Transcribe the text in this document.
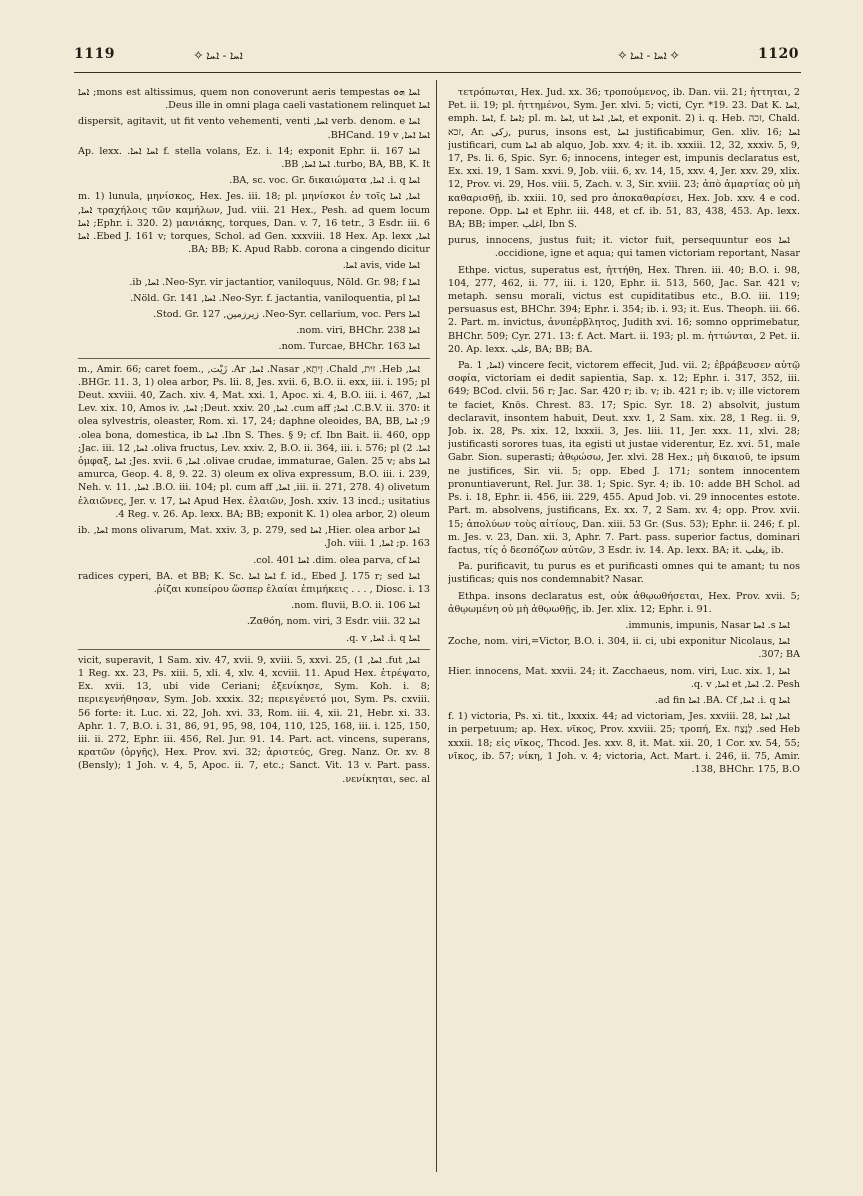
1119	ܐܚܐ - ܐܚܐ ✧	✧ ܐܚܐ - ܐܚܐ ✧	1120

ܐܚܐ ܗܘ mons est altissimus, quem non conoverunt aeris tempestas; ܐܚܐ ܐܚܐ Deus ille in omni plaga caeli vastationem relinquet.

ܐܚܐ verb. denom. e ܐܚܐ, dispersit, agitavit, ut fit vento vehementi, venti ܐܚܐ ܐܚܐ, BHCand. 19 v.

ܐܚܐ f. stella volans, Ez. i. 14; exponit Ephr. ii. 167 ܐܚܐ ܐܚܐ. Ap. lexx. turbo, BA, BB, K. It. ܐܚܐ ܐܚܐ, BB.

ܐܚܐ i. q. ܐܚܐ, BA, sc. voc. Gr. δικαιώματα.

ܐܚܐ, ܐܚܐ m. 1) lunula, μηνίσκος, Hex. Jes. iii. 18; pl. μηνίσκοι ἐν τοῖς τραχήλοις τῶν καμήλων, Jud. viii. 21 Hex., Pesh. ad quem locum ܐܚܐ, Ephr. i. 320. 2) μανιάκης, torques, Dan. v. 7, 16 tetr., 3 Esdr. iii. 6; ܐܚܐ ܐܚܐ, Ebed J. 161 v; torques, Schol. ad Gen. xxxviii. 18 Hex. Ap. lexx. ܐܚܐ BA; BB; K. Apud Rabb. corona a cingendo dicitur.

ܐܚܐ avis, vide ܐܚܐ.

ܐܚܐ Neo-Syr. vir jactantior, vaniloquus, Nöld. Gr. 98; f. ܐܚܐ, ib.

ܐܚܐ Neo-Syr. f. jactantia, vaniloquentia, pl. ܐܚܐ, Nöld. Gr. 141.

ܐܚܐ Neo-Syr. cellarium, voc. Pers. زيرزمين, Stod. Gr. 127.

ܐܚܐ nom. viri, BHChr. 238.

ܐܚܐ nom. Turcae, BHChr. 163.

ܐܚܐ, Heb. זית, Chald. זֵיתָא, Nasar. ܐܚܐ, Ar. زَيْت, m., Amir. 66; caret foem., BHGr. 11. 3, 1) olea arbor, Ps. lii. 8, Jes. xvii. 6, B.O. ii. exx, iii. i. 195; pl. ܐܚܐ, Deut. xxviii. 40, Zach. xiv. 4, Mat. xxi. 1, Apoc. xi. 4, B.O. iii. i. 467, C.B.V. ii. 370: it. ܐܚܐ; cum aff. ܐܚܐ, Deut. xxiv. 20; ܐܚܐ, Lev. xix. 10, Amos iv. 9; ܐܚܐ olea sylvestris, oleaster, Rom. xi. 17, 24; daphne oleoides, BA, BB, Ibn S. Thes. § 9; cf. Ibn Bait. ii. 460, opp. ܐܚܐ olea bona, domestica, ib. ܐܚܐ. 2) oliva fructus, Lev. xxiv. 2, B.O. ii. 364, iii. i. 576; pl. ܐܚܐ, Jac. iii. 12; ܐܚܐ olivae crudae, immaturae, Galen. 25 v; abs. ܐܚܐ, Jes. xvii. 6; ܐܚܐ ὀμφαξ, amurca, Geop. 4. 8, 9. 22. 3) oleum ex oliva expressum, B.O. iii. i. 239, iii. ii. 271, 278. 4) olivetum, ܐܚܐ, B.O. iii. 104; pl. cum aff. ܐܚܐ, Neh. v. 11. Apud Hex. ἐλαιῶν, Josh. xxiv. 13 incd.; usitatius ܐܚܐ ἐλαιῶνες, Jer. v. 17, 4 Reg. v. 26. Ap. lexx. BA; BB; exponit K. 1) olea arbor, 2) oleum.

ܐܚܐ Hier. olea arbor, ܐܚܐ mons olivarum, Mat. xxiv. 3, p. 279, sed ܐܚܐ, ib. p. 163; ܐܚܐ, Joh. viii. 1.

ܐܚܐ dim. olea parva, cf. ܐܚܐ col. 401.

ܐܚܐ f. id., Ebed J. 175 r; sed ܐܚܐ ܐܚܐ radices cyperi, BA. et BB; K. Sc. ῥίζαι κυπείρου ὥσπερ ἐλαίαι ἐπιμήκεις . . . , Diosc. i. 13.

ܐܚܐ nom. fluvii, B.O. ii. 106.

ܐܚܐ Ζαθόη, nom. viri, 3 Esdr. viii. 32.

ܐܚܐ i. q. ܐܚܐ, q. v.

ܐܚܐ, fut. ܐܚܐ, 1) vicit, superavit, 1 Sam. xiv. 47, xvii. 9, xviii. 5, xxvi. 25, 1 Reg. xx. 23, Ps. xiii. 5, xli. 4, xlv. 4, xcviii. 11. Apud Hex. ἐτρέψατο, Ex. xvii. 13, ubi vide Ceriani; ἐξενίκησε, Sym. Koh. i. 8; περιεγενήθησαν, Sym. Job. xxxix. 32; περιεγένετό μοι, Sym. Ps. cxviii. 56 forte: it. Luc. xi. 22, Joh. xvi. 33, Rom. iii. 4, xii. 21, Hebr. xi. 33. Aphr. 1. 7, B.O. i. 31, 86, 91, 95, 98, 104, 110, 125, 168, iii. i. 125, 150, iii. ii. 272, Ephr. iii. 456, Rel. Jur. 91. 14. Part. act. vincens, superans, κρατῶν (ὀργῆς), Hex. Prov. xvi. 32; ἀριστεύς, Greg. Nanz. Or. xv. 8 (Bensly); 1 Joh. v. 4, 5, Apoc. ii. 7, etc.; Sanct. Vit. 13 v. Part. pass. νενίκηται, sec. al.

τετρόπωται, Hex. Jud. xx. 36; τροπούμενος, ib. Dan. vii. 21; ἡττηται, 2 Pet. ii. 19; pl. ἡττημένοι, Sym. Jer. xlvi. 5; victi, Cyr. *19. 23. Dat K. ܐܚܐ, emph. ܐܚܐ, f. ܐܚܐ; pl. m. ܐܚܐ, ut ܐܚܐ, ܐܚܐ, et exponit. 2) i. q. Heb. זכה, Chald. זכא, Ar. زكى, purus, insons est, ܐܚܐ justificabimur, Gen. xliv. 16; ܐܚܐ justificari, cum ܐܚܐ ab alquo, Job. xxv. 4; it. ib. xxxiii. 12, 32, xxxiv. 5, 9, 17, Ps. li. 6, Spic. Syr. 6; innocens, integer est, impunis declaratus est, Ex. xxi. 19, 1 Sam. xxvi. 9, Job. viii. 6, xv. 14, 15, xxv. 4, Jer. xxv. 29, xlix. 12, Prov. vi. 29, Hos. viii. 5, Zach. v. 3, Sir. xviii. 23; ἀπὸ ἁμαρτίας οὐ μὴ καθαρισθῇ, ib. xxiii. 10, sed pro ἀποκαθαρίσει, Hex. Job. xxv. 4 e cod. repone. Opp. ܐܚܐ et Ephr. iii. 448, et cf. ib. 51, 83, 438, 453. Ap. lexx. BA; BB; imper. اغلب, Ibn S.

ܐܚܐ purus, innocens, justus fuit; it. victor fuit, persequuntur eos occidione, igne et aqua; qui tamen victoriam reportant, Nasar.

Ethpe. victus, superatus est, ἡττήθη, Hex. Thren. iii. 40; B.O. i. 98, 104, 277, 462, ii. 77, iii. i. 120, Ephr. ii. 513, 560, Jac. Sar. 421 v; metaph. sensu morali, victus est cupiditatibus etc., B.O. iii. 119; persuasus est, BHChr. 394; Ephr. i. 354; ib. i. 93; it. Eus. Theoph. iii. 66. 2. Part. m. invictus, ἀνυπέρβλητος, Judith xvi. 16; somno opprimebatur, BHChr. 509; Cyr. 271. 13: f. Act. Mart. ii. 193; pl. m. ἡττώνται, 2 Pet. ii. 20. Ap. lexx. غلب, BA; BB; BA.

Pa. ܐܚܐ, 1) vincere fecit, victorem effecit, Jud. vii. 2; ἐβράβευσεν αὐτῷ σοφία, victoriam ei dedit sapientia, Sap. x. 12; Ephr. i. 317, 352, iii. 649; BCod. clvii. 56 r; Jac. Sar. 420 r; ib. v; ib. 421 r; ib. v; ille victorem te faciet, Knös. Chrest. 83. 17; Spic. Syr. 18. 2) absolvit, justum declaravit, insontem habuit, Deut. xxv. 1, 2 Sam. xix. 28, 1 Reg. ii. 9, Job. ix. 28, Ps. xix. 12, lxxxii. 3, Jes. liii. 11, Jer. xxx. 11, xlvi. 28; justificasti sorores tuas, ita egisti ut justae viderentur, Ez. xvi. 51, male Gabr. Sion. superasti; ἀθῳώσω, Jer. xlvi. 28 Hex.; μὴ δικαιοῦ, te ipsum ne justifices, Sir. vii. 5; opp. Ebed J. 171; sontem innocentem pronuntiaverunt, Rel. Jur. 38. 1; Spic. Syr. 4; ib. 10: adde BH Schol. ad Ps. i. 18, Ephr. ii. 456, iii. 229, 455. Apud Job. vi. 29 innocentes estote. Part. m. absolvens, justificans, Ex. xx. 7, 2 Sam. xv. 4; opp. Prov. xvii. 15; ἀπολύων τοὺς αἰτίους, Dan. xiii. 53 Gr. (Sus. 53); Ephr. ii. 246; f. pl. m. Jes. v. 23, Dan. xii. 3, Aphr. 7. Part. pass. superior factus, dominari factus, τίς ὁ δεσπόζων αὐτῶν, 3 Esdr. iv. 14. Ap. lexx. BA; it. يغلب, ib.

Pa. purificavit, tu purus es et purificasti omnes qui te amant; tu nos justificas; quis nos condemnabit? Nasar.

Ethpa. insons declaratus est, οὐκ ἀθῳωθήσεται, Hex. Prov. xvii. 5; ἀθῳωμένη οὐ μὴ ἀθῳωθῇς, ib. Jer. xlix. 12; Ephr. i. 91.

ܐܚܐ s. ܐܚܐ immunis, impunis, Nasar.

ܐܚܐ Zoche, nom. viri,=Victor, B.O. i. 304, ii. ci, ubi exponitur Nicolaus, 307; BA.

ܐܚܐ Hier. innocens, Mat. xxvii. 24; it. Zacchaeus, nom. viri, Luc. xix. 1, 2. Pesh. ܐܚܐ, et ܐܚܐ, q. v.

ܐܚܐ i. q. ܐܚܐ, BA. Cf. ܐܚܐ ad fin.

ܐܚܐ, ܐܚܐ f. 1) victoria, Ps. xi. tit., lxxxix. 44; ad victoriam, Jes. xxviii. 28, sed Heb. לָנֶצַח in perpetuum; ap. Hex. νῖκος, Prov. xxviii. 25; τροπή, Ex. xxxii. 18; εἰς νῖκος, Thcod. Jes. xxv. 8, it. Mat. xii. 20, 1 Cor. xv. 54, 55; νῖκος, ib. 57; νίκη, 1 Joh. v. 4; victoria, Act. Mart. i. 246, ii. 75, Amir. 138, BHChr. 175, B.O.
